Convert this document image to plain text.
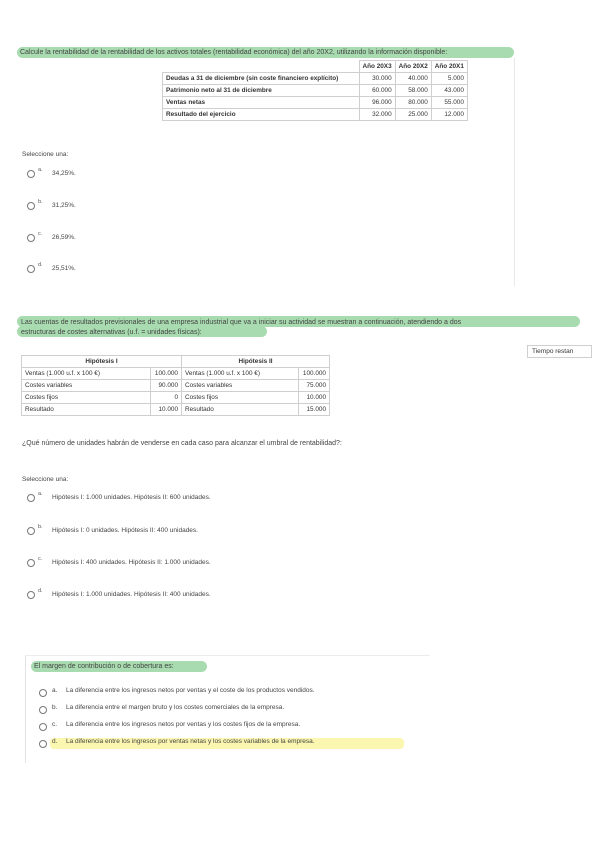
Calcule la rentabilidad de la rentabilidad de los activos totales (rentabilidad económica) del año 20X2, utilizando la información disponible:
	Año 20X3	Año 20X2	Año 20X1
Deudas a 31 de diciembre (sin coste financiero explícito)	30.000	40.000	5.000
Patrimonio neto al 31 de diciembre	60.000	58.000	43.000
Ventas netas	96.000	80.000	55.000
Resultado del ejercicio	32.000	25.000	12.000
Seleccione una:
a. 34,25%.
b. 31,25%.
c. 26,59%.
d. 25,51%.
Las cuentas de resultados previsionales de una empresa industrial que va a iniciar su actividad se muestran a continuación, atendiendo a dos
estructuras de costes alternativas (u.f. = unidades físicas):
Tiempo restan
Hipótesis I		Hipótesis II	
Ventas (1.000 u.f. x 100 €)	100.000	Ventas (1.000 u.f. x 100 €)	100.000
Costes variables	90.000	Costes variables	75.000
Costes fijos	0	Costes fijos	10.000
Resultado	10.000	Resultado	15.000
¿Qué número de unidades habrán de venderse en cada caso para alcanzar el umbral de rentabilidad?:
Seleccione una:
a. Hipótesis I: 1.000 unidades. Hipótesis II: 600 unidades.
b. Hipótesis I: 0 unidades. Hipótesis II: 400 unidades.
c. Hipótesis I: 400 unidades. Hipótesis II: 1.000 unidades.
d. Hipótesis I: 1.000 unidades. Hipótesis II: 400 unidades.
El margen de contribución o de cobertura es:
a. La diferencia entre los ingresos netos por ventas y el coste de los productos vendidos.
b. La diferencia entre el margen bruto y los costes comerciales de la empresa.
c. La diferencia entre los ingresos netos por ventas y los costes fijos de la empresa.
d. La diferencia entre los ingresos por ventas netas y los costes variables de la empresa.
